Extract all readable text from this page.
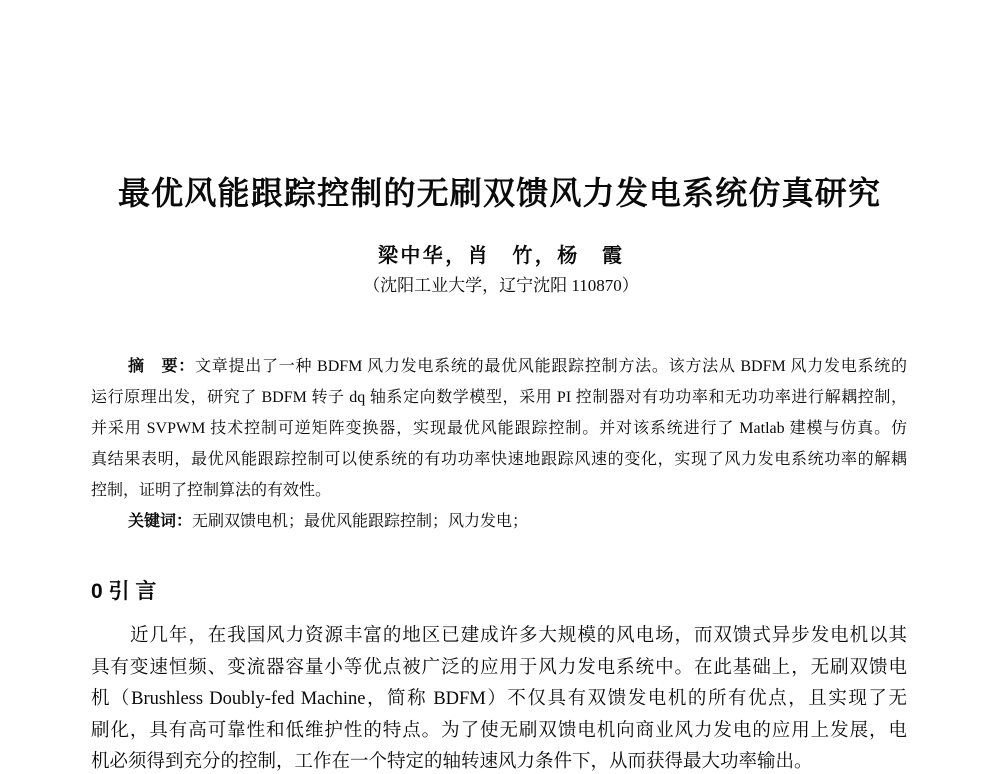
最优风能跟踪控制的无刷双馈风力发电系统仿真研究
梁中华，肖　竹，杨　霞
（沈阳工业大学，辽宁沈阳 110870）
摘　要：文章提出了一种 BDFM 风力发电系统的最优风能跟踪控制方法。该方法从 BDFM 风力发电系统的
运行原理出发，研究了 BDFM 转子 dq 轴系定向数学模型，采用 PI 控制器对有功功率和无功功率进行解耦控制，
并采用 SVPWM 技术控制可逆矩阵变换器，实现最优风能跟踪控制。并对该系统进行了 Matlab 建模与仿真。仿
真结果表明，最优风能跟踪控制可以使系统的有功功率快速地跟踪风速的变化，实现了风力发电系统功率的解耦
控制，证明了控制算法的有效性。
关键词：无刷双馈电机；最优风能跟踪控制；风力发电；
0 引 言
近几年，在我国风力资源丰富的地区已建成许多大规模的风电场，而双馈式异步发电机以其
具有变速恒频、变流器容量小等优点被广泛的应用于风力发电系统中。在此基础上，无刷双馈电
机（Brushless Doubly-fed Machine，简称 BDFM）不仅具有双馈发电机的所有优点，且实现了无
刷化，具有高可靠性和低维护性的特点。为了使无刷双馈电机向商业风力发电的应用上发展，电
机必须得到充分的控制，工作在一个特定的轴转速风力条件下，从而获得最大功率输出。
